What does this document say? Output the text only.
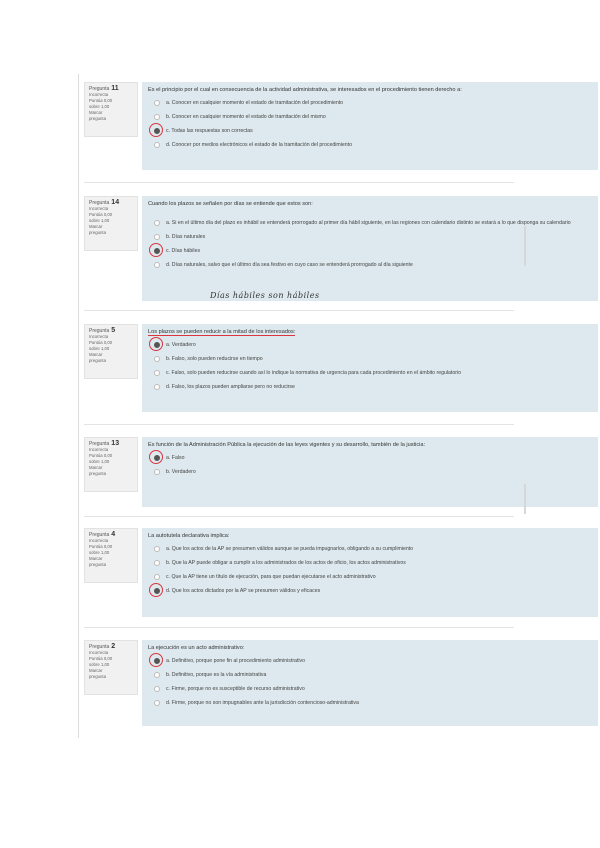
Pregunta 11
Incorrecta
Puntúa 0,00
sobre 1,00
Marcar
pregunta
Es el principio por el cual en consecuencia de la actividad administrativa, se interesados en el procedimiento tienen derecho a:
a. Conocer en cualquier momento el estado de tramitación del procedimiento
b. Conocer en cualquier momento el estado de tramitación del mismo
c. Todas las respuestas son correctas
d. Conocer por medios electrónicos el estado de la tramitación del procedimiento
Pregunta 14
Incorrecta
Puntúa 0,00
sobre 1,00
Marcar
pregunta
Cuando los plazos se señalen por días se entiende que estos son:
a. Si en el último día del plazo es inhábil se entenderá prorrogado al primer día hábil siguiente, en las regiones con calendario distinto se estará a lo que disponga su calendario
b. Días naturales
c. Días hábiles
d. Días naturales, salvo que el último día sea festivo en cuyo caso se entenderá prorrogado al día siguiente
Días hábiles son hábiles
Pregunta 5
Incorrecta
Puntúa 0,00
sobre 1,00
Marcar
pregunta
Los plazos se pueden reducir a la mitad de los interesados:
a. Verdadero
b. Falso, solo pueden reducirse en tiempo
c. Falso, solo pueden reducirse cuando así lo indique la normativa de urgencia para cada procedimiento en el ámbito regulatorio
d. Falso, los plazos pueden ampliarse pero no reducirse
Pregunta 13
Incorrecta
Puntúa 0,00
sobre 1,00
Marcar
pregunta
Es función de la Administración Pública la ejecución de las leyes vigentes y su desarrollo, también de la justicia:
a. Falso
b. Verdadero
Pregunta 4
Incorrecta
Puntúa 0,00
sobre 1,00
Marcar
pregunta
La autotutela declarativa implica:
a. Que los actos de la AP se presumen válidos aunque se pueda impugnarlos, obligando a su cumplimiento
b. Que la AP puede obligar a cumplir a los administrados de los actos de oficio, los actos administrativos
c. Que la AP tiene un título de ejecución, para que puedan ejecutarse el acto administrativo
d. Que los actos dictados por la AP se presumen válidos y eficaces
Pregunta 2
Incorrecta
Puntúa 0,00
sobre 1,00
Marcar
pregunta
La ejecución es un acto administrativo:
a. Definitivo, porque pone fin al procedimiento administrativo
b. Definitivo, porque es la vía administrativa
c. Firme, porque no es susceptible de recurso administrativo
d. Firme, porque no son impugnables ante la jurisdicción contencioso-administrativa
